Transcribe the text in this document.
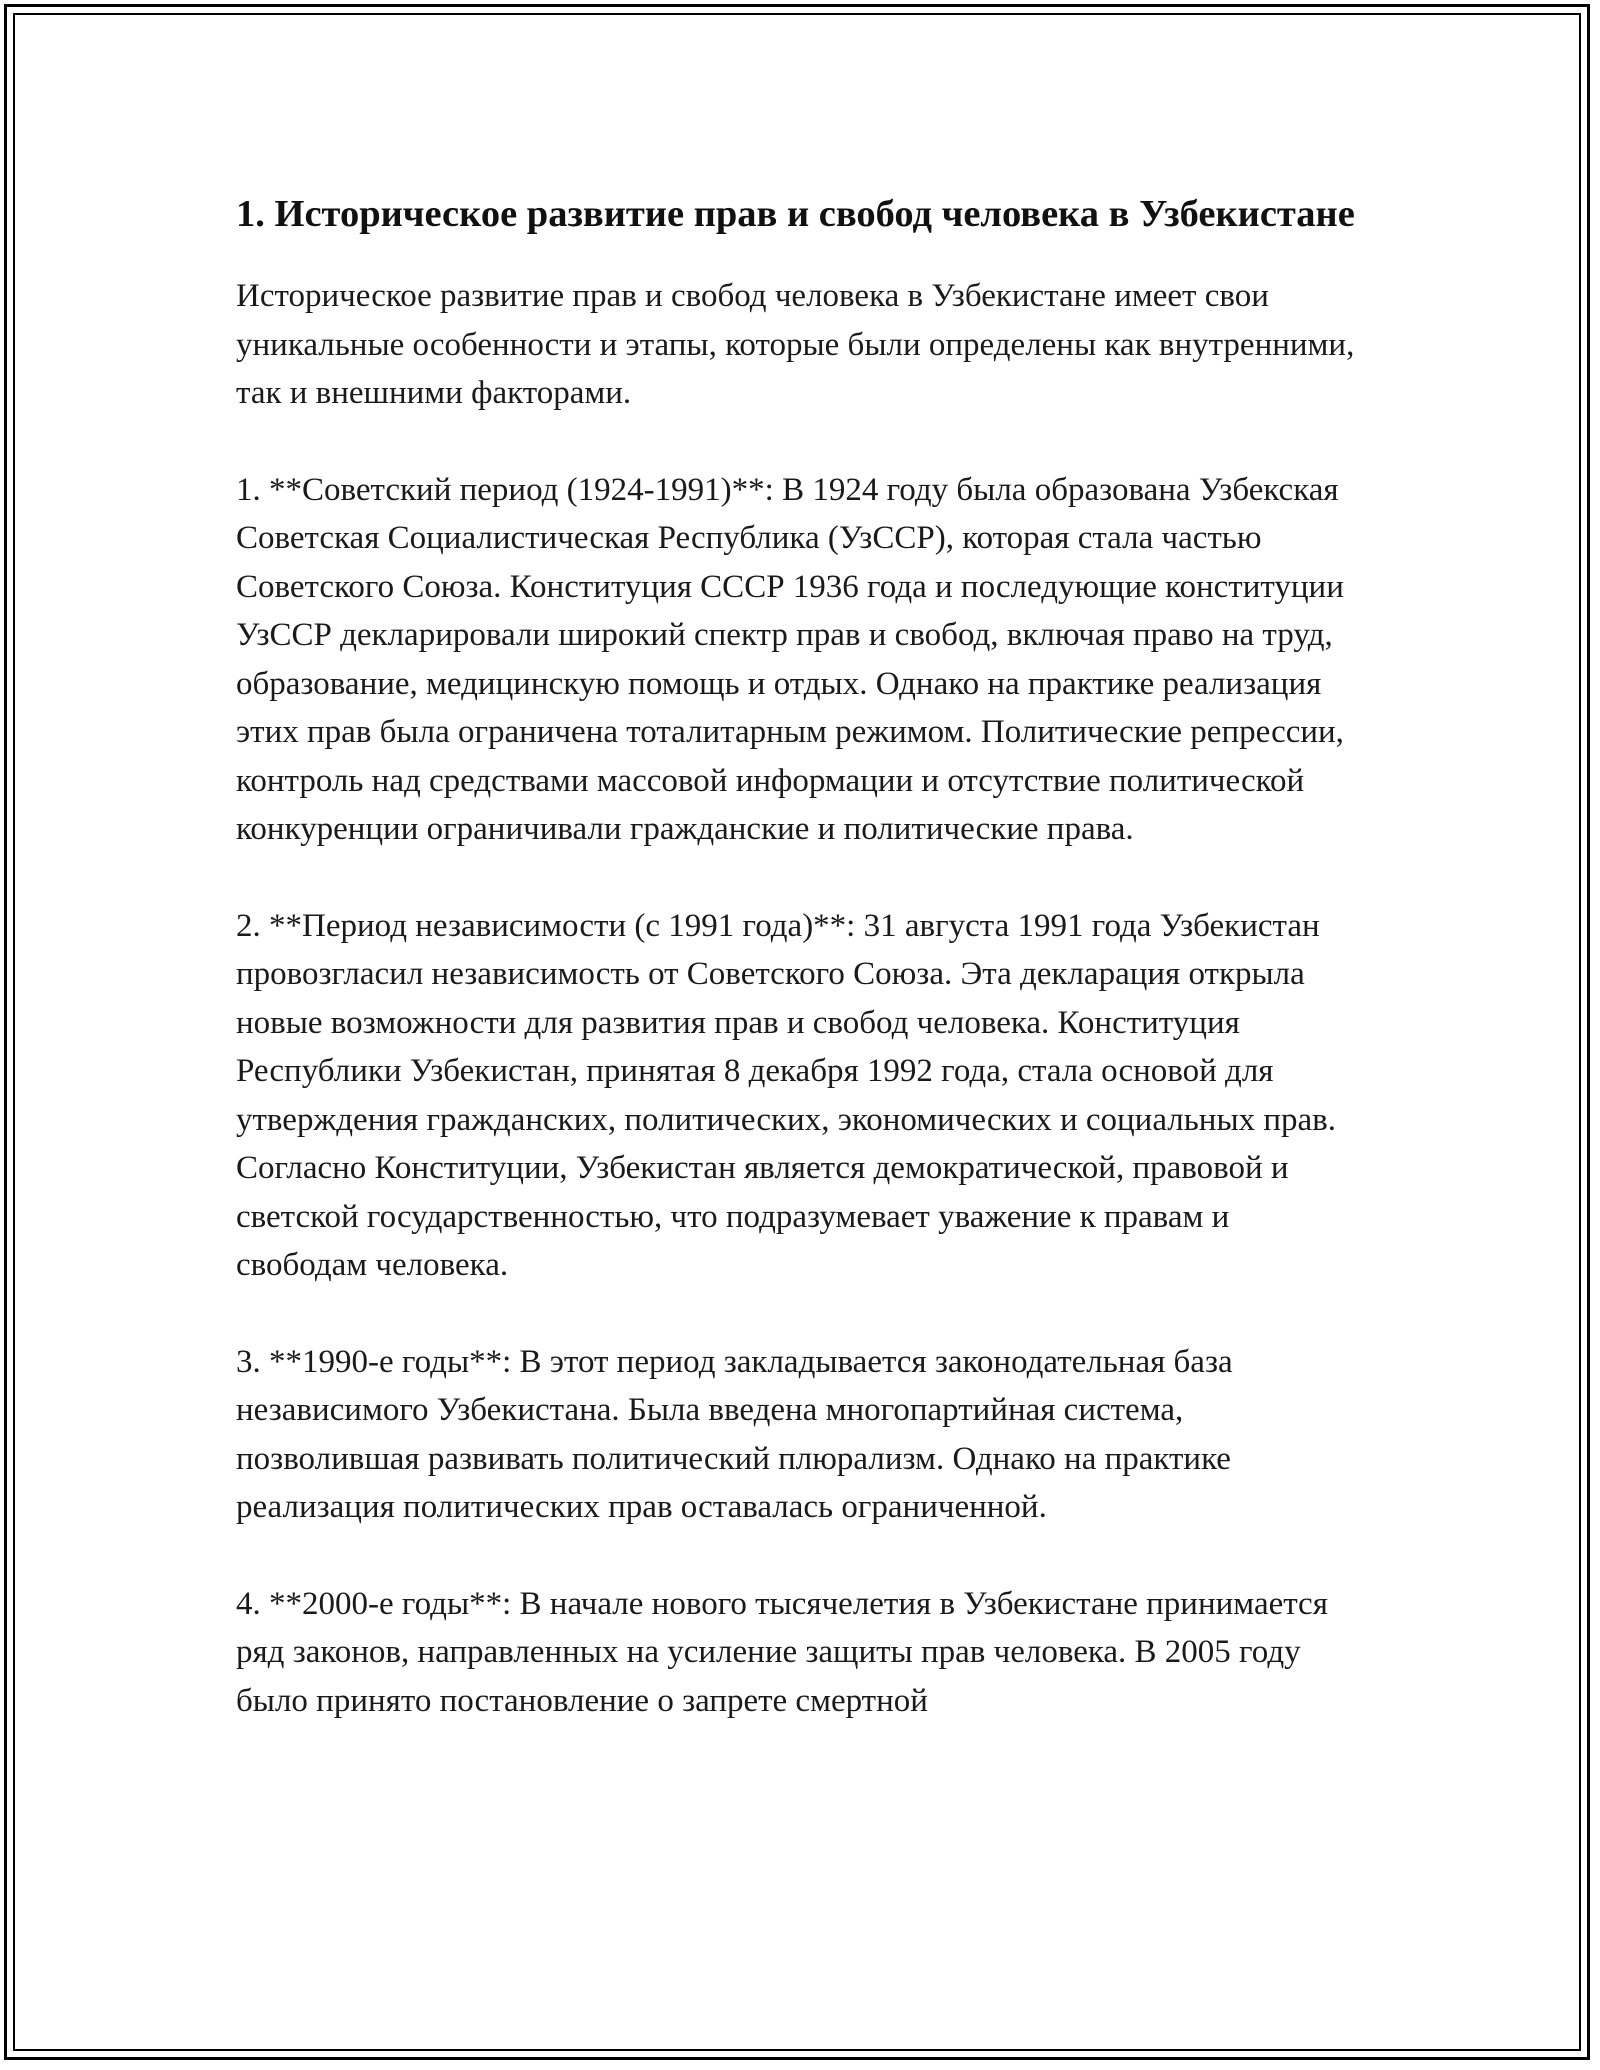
1. Историческое развитие прав и свобод человека в Узбекистане

Историческое развитие прав и свобод человека в Узбекистане имеет свои уникальные особенности и этапы, которые были определены как внутренними, так и внешними факторами.

1. **Советский период (1924-1991)**: В 1924 году была образована Узбекская Советская Социалистическая Республика (УзССР), которая стала частью Советского Союза. Конституция СССР 1936 года и последующие конституции УзССР декларировали широкий спектр прав и свобод, включая право на труд, образование, медицинскую помощь и отдых. Однако на практике реализация этих прав была ограничена тоталитарным режимом. Политические репрессии, контроль над средствами массовой информации и отсутствие политической конкуренции ограничивали гражданские и политические права.

2. **Период независимости (с 1991 года)**: 31 августа 1991 года Узбекистан провозгласил независимость от Советского Союза. Эта декларация открыла новые возможности для развития прав и свобод человека. Конституция Республики Узбекистан, принятая 8 декабря 1992 года, стала основой для утверждения гражданских, политических, экономических и социальных прав. Согласно Конституции, Узбекистан является демократической, правовой и светской государственностью, что подразумевает уважение к правам и свободам человека.

3. **1990-е годы**: В этот период закладывается законодательная база независимого Узбекистана. Была введена многопартийная система, позволившая развивать политический плюрализм. Однако на практике реализация политических прав оставалась ограниченной.

4. **2000-е годы**: В начале нового тысячелетия в Узбекистане принимается ряд законов, направленных на усиление защиты прав человека. В 2005 году было принято постановление о запрете смертной
